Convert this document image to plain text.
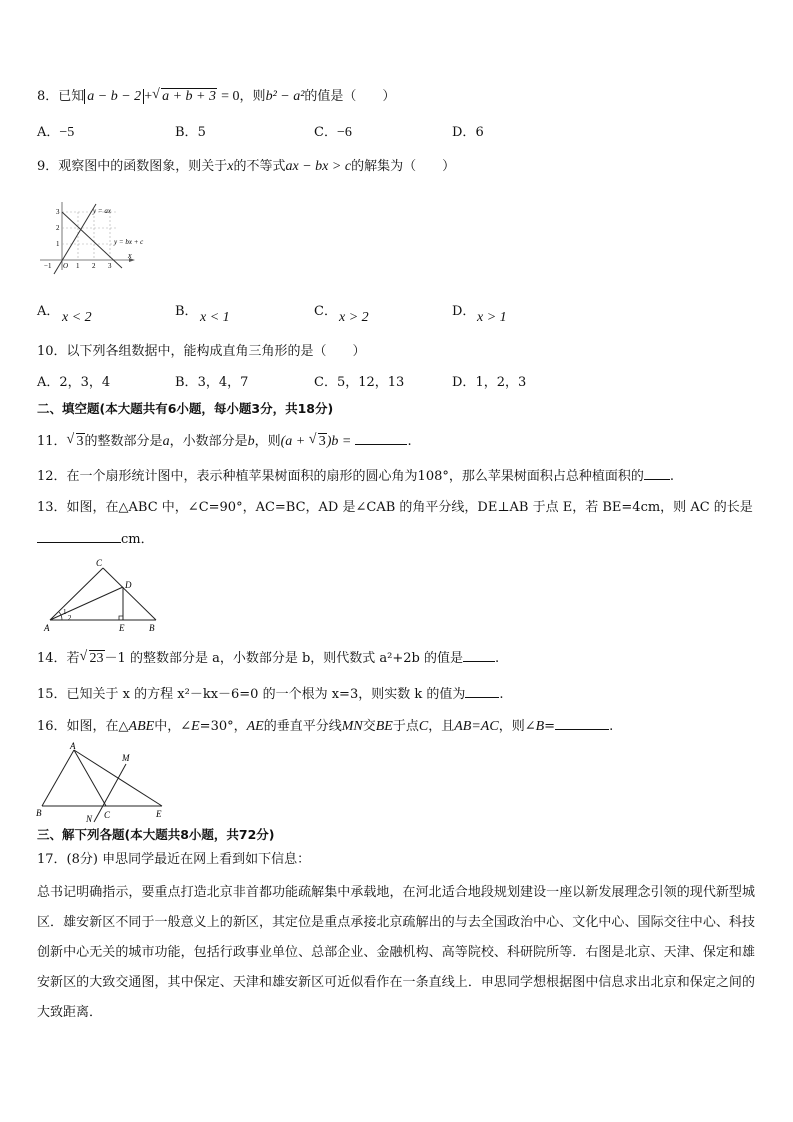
8．已知 a − b − 2 + √ a + b + 3 = 0，则b² − a²的值是（　　）
A．−5	B．5	C．−6	D．6
9．观察图中的函数图象，则关于x的不等式ax − bx > c的解集为（　　）
y = ax
y = bx + c
x
3
2
1
−1 O 1 2 3
A． x < 2	B． x < 1	C． x > 2	D． x > 1
10．以下列各组数据中，能构成直角三角形的是（　　）
A．2，3，4	B．3，4，7	C．5，12，13	D．1，2，3
二、填空题(本大题共有6小题，每小题3分，共18分)
11． √ 3的整数部分是a，小数部分是b，则(a + √ 3)b =	.
12．在一个扇形统计图中，表示种植苹果树面积的扇形的圆心角为108°，那么苹果树面积占总种植面积的 .
13．如图，在△ABC 中，∠C=90°，AC=BC，AD 是∠CAB 的角平分线，DE⊥AB 于点 E，若 BE=4cm，则 AC 的长是
cm．
C
D
A	E	B
1
2
14．若 √ 23－1 的整数部分是 a，小数部分是 b，则代数式 a²+2b 的值是 .
15．已知关于 x 的方程 x²－kx－6=0 的一个根为 x=3，则实数 k 的值为	.
16．如图，在△ABE中，∠E=30°，AE的垂直平分线MN交BE于点C，且AB=AC，则∠B=	.
A
B	C	E
M
N
三、解下列各题(本大题共8小题，共72分)
17．(8分) 申思同学最近在网上看到如下信息：
总书记明确指示，要重点打造北京非首都功能疏解集中承载地，在河北适合地段规划建设一座以新发展理念引领的现代新型城区．雄安新区不同于一般意义上的新区，其定位是重点承接北京疏解出的与去全国政治中心、文化中心、国际交往中心、科技创新中心无关的城市功能，包括行政事业单位、总部企业、金融机构、高等院校、科研院所等．右图是北京、天津、保定和雄安新区的大致交通图，其中保定、天津和雄安新区可近似看作在一条直线上．申思同学想根据图中信息求出北京和保定之间的大致距离．
